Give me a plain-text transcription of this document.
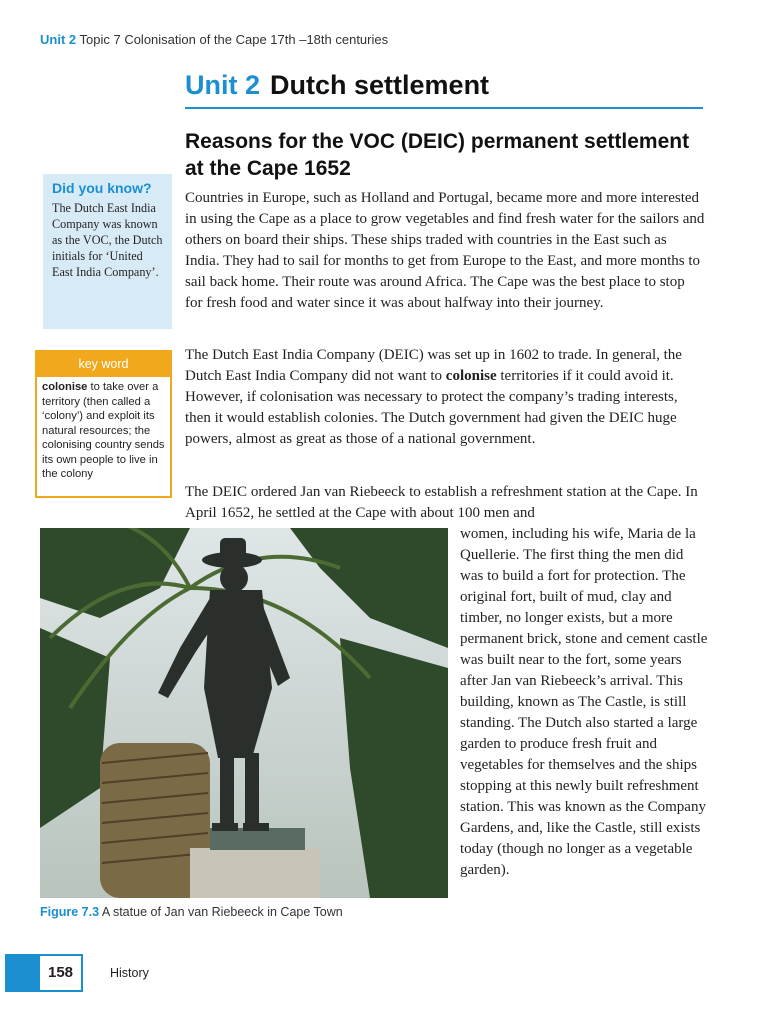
Unit 2 Topic 7 Colonisation of the Cape 17th –18th centuries
Unit 2 Dutch settlement
Reasons for the VOC (DEIC) permanent settlement at the Cape 1652
Did you know?
The Dutch East India Company was known as the VOC, the Dutch initials for ‘United East India Company’.
key word
colonise to take over a territory (then called a ‘colony’) and exploit its natural resources; the colonising country sends its own people to live in the colony

Countries in Europe, such as Holland and Portugal, became more and more interested in using the Cape as a place to grow vegetables and find fresh water for the sailors and others on board their ships. These ships traded with countries in the East such as India. They had to sail for months to get from Europe to the East, and more months to sail back home. Their route was around Africa. The Cape was the best place to stop for fresh food and water since it was about halfway into their journey.

The Dutch East India Company (DEIC) was set up in 1602 to trade. In general, the Dutch East India Company did not want to colonise territories if it could avoid it. However, if colonisation was necessary to protect the company’s trading interests, then it would establish colonies. The Dutch government had given the DEIC huge powers, almost as great as those of a national government.

The DEIC ordered Jan van Riebeeck to establish a refreshment station at the Cape. In April 1652, he settled at the Cape with about 100 men and

women, including his wife, Maria de la Quellerie. The first thing the men did was to build a fort for protection. The original fort, built of mud, clay and timber, no longer exists, but a more permanent brick, stone and cement castle was built near to the fort, some years after Jan van Riebeeck’s arrival. This building, known as The Castle, is still standing. The Dutch also started a large garden to produce fresh fruit and vegetables for themselves and the ships stopping at this newly built refreshment station. This was known as the Company Gardens, and, like the Castle, still exists today (though no longer as a vegetable garden).

Figure 7.3 A statue of Jan van Riebeeck in Cape Town
158	History
